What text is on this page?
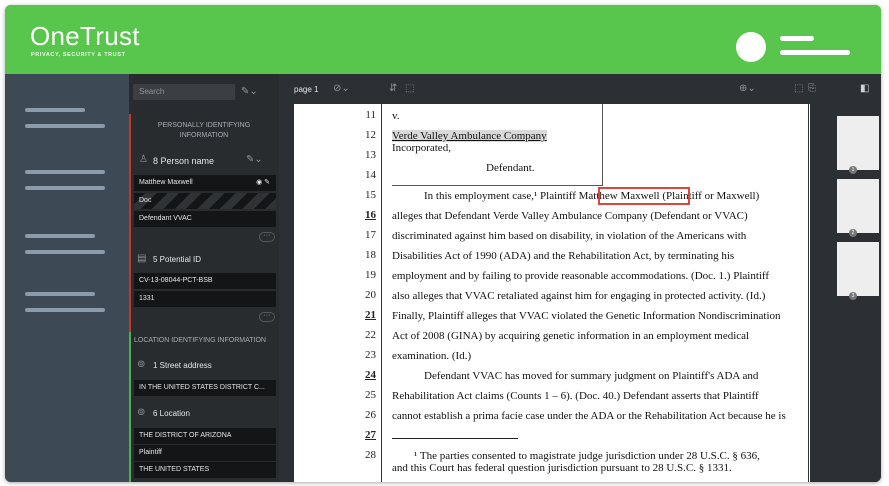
OneTrust
PRIVACY, SECURITY & TRUST
Search	✎⌄
PERSONALLY IDENTIFYING INFORMATION
♙ 8 Person name	✎⌄
Matthew Maxwell	◉ ✎
Doc
Defendant VVAC
···
▤ 5 Potential ID
CV-13-08044-PCT-BSB
1331
···
LOCATION IDENTIFYING INFORMATION
⊚ 1 Street address
IN THE UNITED STATES DISTRICT C...
⊚ 6 Location
THE DISTRICT OF ARIZONA
Plaintiff
THE UNITED STATES
page 1 ⊘⌄	⇵ ⬚	⊕⌄	⬚ ⎘	◧
11
12
13
14
15
16
17
18
19
20
21
22
23
24
25
26
27
28
v.
Verde Valley Ambulance Company
Incorporated,
Defendant.
In this employment case,¹ Plaintiff Matthew Maxwell (Plaintiff or Maxwell)
alleges that Defendant Verde Valley Ambulance Company (Defendant or VVAC)
discriminated against him based on disability, in violation of the Americans with
Disabilities Act of 1990 (ADA) and the Rehabilitation Act, by terminating his
employment and by failing to provide reasonable accommodations. (Doc. 1.) Plaintiff
also alleges that VVAC retaliated against him for engaging in protected activity. (Id.)
Finally, Plaintiff alleges that VVAC violated the Genetic Information Nondiscrimination
Act of 2008 (GINA) by acquiring genetic information in an employment medical
examination. (Id.)
Defendant VVAC has moved for summary judgment on Plaintiff's ADA and
Rehabilitation Act claims (Counts 1 – 6). (Doc. 40.) Defendant asserts that Plaintiff
cannot establish a prima facie case under the ADA or the Rehabilitation Act because he is
¹ The parties consented to magistrate judge jurisdiction under 28 U.S.C. § 636,
and this Court has federal question jurisdiction pursuant to 28 U.S.C. § 1331.
1
2
3
